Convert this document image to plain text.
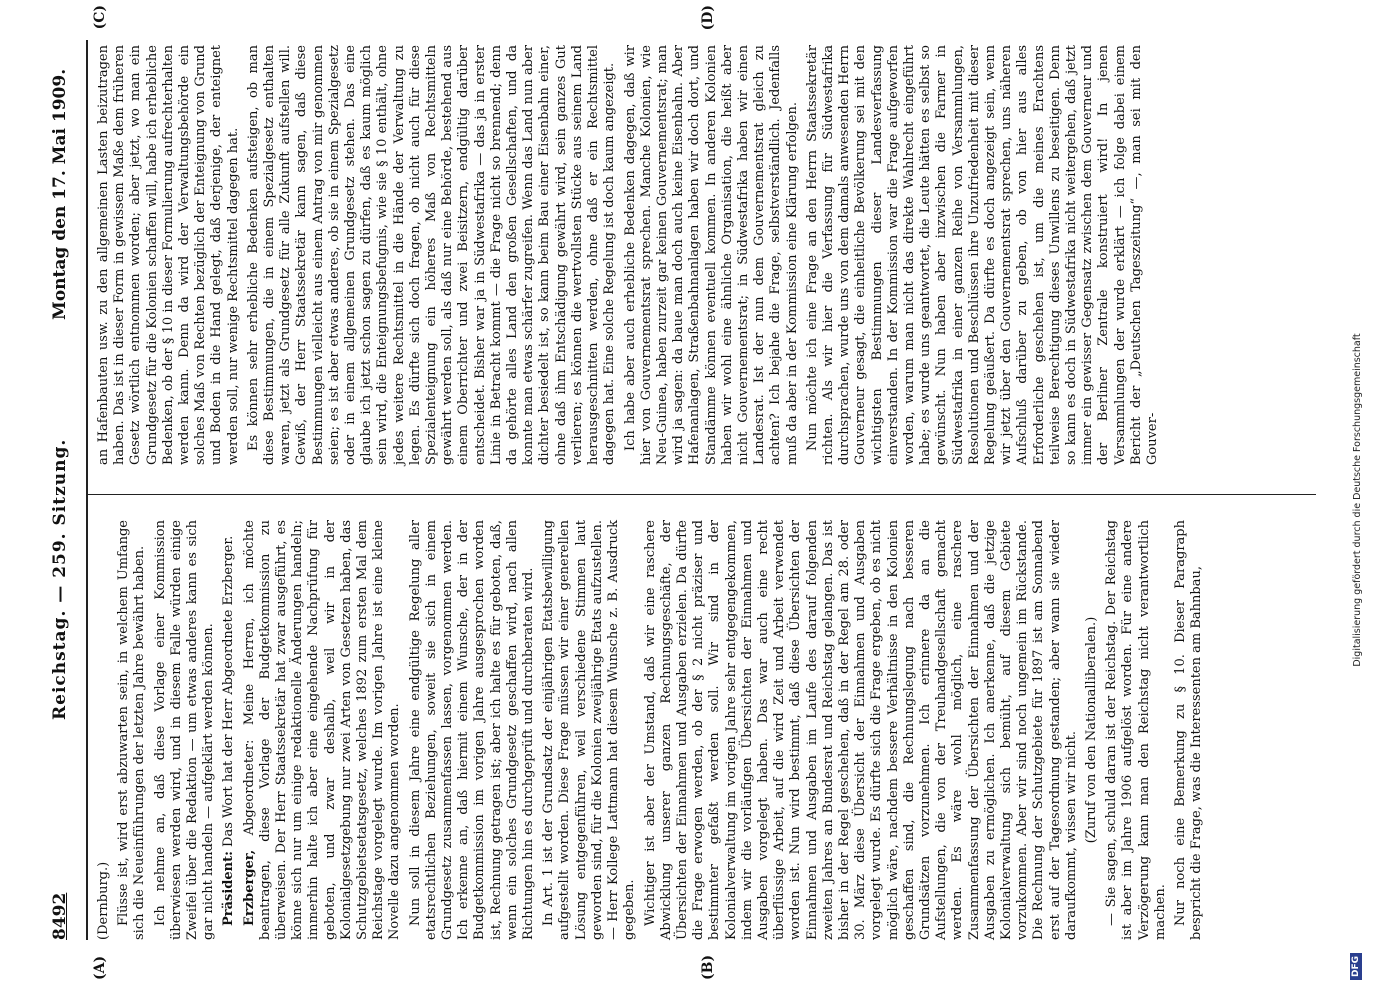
8492
Reichstag. — 259. Sitzung.
Montag den 17. Mai 1909.
(A)	(B)
(C)	(D)

(Dernburg.) Flüsse ist, wird erst abzuwarten sein, in welchem Umfange sich die Neueinführungen der letzten Jahre bewährt haben. Ich nehme an, daß diese Vorlage einer Kommission überwiesen werden wird, und in diesem Falle würden einige Zweifel über die Redaktion — um etwas anderes kann es sich gar nicht handeln — aufgeklärt werden können. Präsident: Das Wort hat der Herr Abgeordnete Erzberger.

Erzberger, Abgeordneter: Meine Herren, ich möchte beantragen, diese Vorlage der Budgetkommission zu überweisen. Der Herr Staatssekretär hat zwar ausgeführt, es könne sich nur um einige redaktionelle Änderungen handeln; immerhin halte ich aber eine eingehende Nachprüfung für geboten, und zwar deshalb, weil wir in der Kolonialgesetzgebung nur zwei Arten von Gesetzen haben, das Schutzgebietsetatsgesetz, welches 1892 zum ersten Mal dem Reichstage vorgelegt wurde. Im vorigen Jahre ist eine kleine Novelle dazu angenommen worden. Nun soll in diesem Jahre eine endgültige Regelung aller etatsrechtlichen Beziehungen, soweit sie sich in einem Grundgesetz zusammenfassen lassen, vorgenommen werden. Ich erkenne an, daß hiermit einem Wunsche, der in der Budgetkommission im vorigen Jahre ausgesprochen worden ist, Rechnung getragen ist; aber ich halte es für geboten, daß, wenn ein solches Grundgesetz geschaffen wird, nach allen Richtungen hin es durchgeprüft und durchberaten wird. In Art. 1 ist der Grundsatz der einjährigen Etatsbewilligung aufgestellt worden. Diese Frage müssen wir einer generellen Lösung entgegenführen, weil verschiedene Stimmen laut geworden sind, für die Kolonien zweijährige Etats aufzustellen. — Herr Kollege Lattmann hat diesem Wunsche z. B. Ausdruck gegeben. Wichtiger ist aber der Umstand, daß wir eine raschere Abwicklung unserer ganzen Rechnungsgeschäfte, der Übersichten der Einnahmen und Ausgaben erzielen. Da dürfte die Frage erwogen werden, ob der § 2 nicht präziser und bestimmter gefaßt werden soll. Wir sind in der Kolonialverwaltung im vorigen Jahre sehr entgegengekommen, indem wir die vorläufigen Übersichten der Einnahmen und Ausgaben vorgelegt haben. Das war auch eine recht überflüssige Arbeit, auf die wird Zeit und Arbeit verwendet worden ist. Nun wird bestimmt, daß diese Übersichten der Einnahmen und Ausgaben im Laufe des darauf folgenden zweiten Jahres an Bundesrat und Reichstag gelangen. Das ist bisher in der Regel geschehen, daß in der Regel am 28. oder 30. März diese Übersicht der Einnahmen und Ausgaben vorgelegt wurde. Es dürfte sich die Frage ergeben, ob es nicht möglich wäre, nachdem bessere Verhältnisse in den Kolonien geschaffen sind, die Rechnungslegung nach besseren Grundsätzen vorzunehmen. Ich erinnere da an die Aufstellungen, die von der Treuhandgesellschaft gemacht werden. Es wäre wohl möglich, eine raschere Zusammenfassung der Übersichten der Einnahmen und der Ausgaben zu ermöglichen. Ich anerkenne, daß die jetzige Kolonialverwaltung sich bemüht, auf diesem Gebiete vorzukommen. Aber wir sind noch ungemein im Rückstande. Die Rechnung der Schutzgebiete für 1897 ist am Sonnabend erst auf der Tagesordnung gestanden; aber wann sie wieder daraufkommt, wissen wir nicht. (Zuruf von den Nationalliberalen.) — Sie sagen, schuld daran ist der Reichstag. Der Reichstag ist aber im Jahre 1906 aufgelöst worden. Für eine andere Verzögerung kann man den Reichstag nicht verantwortlich machen. Nur noch eine Bemerkung zu § 10. Dieser Paragraph bespricht die Frage, was die Interessenten am Bahnbau,

an Hafenbauten usw. zu den allgemeinen Lasten beizutragen haben. Das ist in dieser Form in gewissem Maße dem früheren Gesetz wörtlich entnommen worden; aber jetzt, wo man ein Grundgesetz für die Kolonien schaffen will, habe ich erhebliche Bedenken, ob der § 10 in dieser Formulierung aufrechterhalten werden kann. Denn da wird der Verwaltungsbehörde ein solches Maß von Rechten bezüglich der Enteignung von Grund und Boden in die Hand gelegt, daß derjenige, der enteignet werden soll, nur wenige Rechtsmittel dagegen hat. Es können sehr erhebliche Bedenken aufsteigen, ob man diese Bestimmungen, die in einem Spezialgesetz enthalten waren, jetzt als Grundgesetz für alle Zukunft aufstellen will. Gewiß, der Herr Staatssekretär kann sagen, daß diese Bestimmungen vielleicht aus einem Antrag von mir genommen seien; es ist aber etwas anderes, ob sie in einem Spezialgesetz oder in einem allgemeinen Grundgesetz stehen. Das eine glaube ich jetzt schon sagen zu dürfen, daß es kaum möglich sein wird, die Enteignungsbefugnis, wie sie § 10 enthält, ohne jedes weitere Rechtsmittel in die Hände der Verwaltung zu legen. Es dürfte sich doch fragen, ob nicht auch für diese Spezialenteignung ein höheres Maß von Rechtsmitteln gewährt werden soll, als daß nur eine Behörde, bestehend aus einem Oberrichter und zwei Beisitzern, endgültig darüber entscheidet. Bisher war ja in Südwestafrika — das ja in erster Linie in Betracht kommt — die Frage nicht so brennend; denn da gehörte alles Land den großen Gesellschaften, und da konnte man etwas schärfer zugreifen. Wenn das Land nun aber dichter besiedelt ist, so kann beim Bau einer Eisenbahn einer, ohne daß ihm Entschädigung gewährt wird, sein ganzes Gut verlieren; es können die wertvollsten Stücke aus seinem Land herausgeschnitten werden, ohne daß er ein Rechtsmittel dagegen hat. Eine solche Regelung ist doch kaum angezeigt. Ich habe aber auch erhebliche Bedenken dagegen, daß wir hier von Gouvernementsrat sprechen. Manche Kolonien, wie Neu-Guinea, haben zurzeit gar keinen Gouvernementsrat; man wird ja sagen: da baue man doch auch keine Eisenbahn. Aber Hafenanlagen, Straßenbahnanlagen haben wir doch dort, und Standämme können eventuell kommen. In anderen Kolonien haben wir wohl eine ähnliche Organisation, die heißt aber nicht Gouvernementsrat; in Südwestafrika haben wir einen Landesrat. Ist der nun dem Gouvernementsrat gleich zu achten? Ich bejahe die Frage, selbstverständlich. Jedenfalls muß da aber in der Kommission eine Klärung erfolgen. Nun möchte ich eine Frage an den Herrn Staatssekretär richten. Als wir hier die Verfassung für Südwestafrika durchsprachen, wurde uns von dem damals anwesenden Herrn Gouverneur gesagt, die einheitliche Bevölkerung sei mit den wichtigsten Bestimmungen dieser Landesverfassung einverstanden. In der Kommission war die Frage aufgeworfen worden, warum man nicht das direkte Wahlrecht eingeführt habe; es wurde uns geantwortet, die Leute hätten es selbst so gewünscht. Nun haben aber inzwischen die Farmer in Südwestafrika in einer ganzen Reihe von Versammlungen, Resolutionen und Beschlüssen ihre Unzufriedenheit mit dieser Regelung geäußert. Da dürfte es doch angezeigt sein, wenn wir jetzt über den Gouvernementsrat sprechen, uns näheren Aufschluß darüber zu geben, ob von hier aus alles Erforderliche geschehen ist, um die meines Erachtens teilweise Berechtigung dieses Unwillens zu beseitigen. Denn so kann es doch in Südwestafrika nicht weitergehen, daß jetzt immer ein gewisser Gegensatz zwischen dem Gouverneur und der Berliner Zentrale konstruiert wird! In jenen Versammlungen der wurde erklärt — ich folge dabei einem Bericht der „Deutschen Tageszeitung“ —, man sei mit den Gouver-

DFG
Digitalisierung gefördert durch die Deutsche Forschungsgemeinschaft
